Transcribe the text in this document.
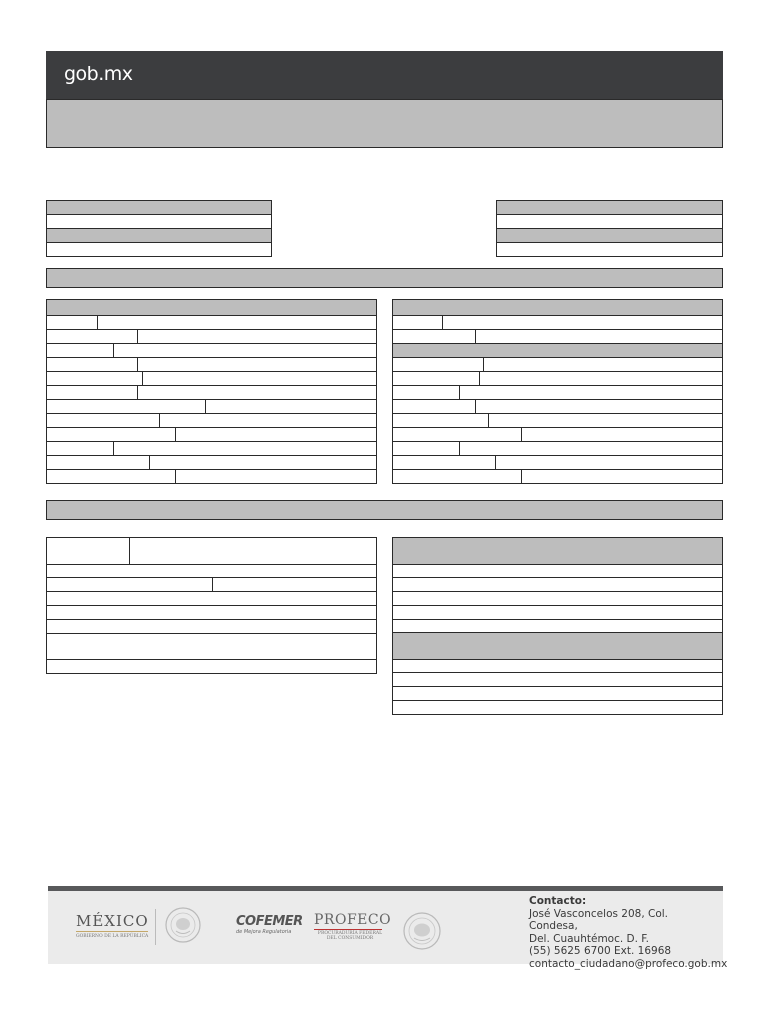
gob.mx
MÉXICO
GOBIERNO DE LA REPÚBLICA
COFEMER
de Mejora Regulatoria
PROFECO
PROCURADURÍA FEDERAL
DEL CONSUMIDOR
Contacto:
José Vasconcelos 208, Col. Condesa,
Del. Cuauhtémoc. D. F.
(55) 5625 6700 Ext. 16968
contacto_ciudadano@profeco.gob.mx
